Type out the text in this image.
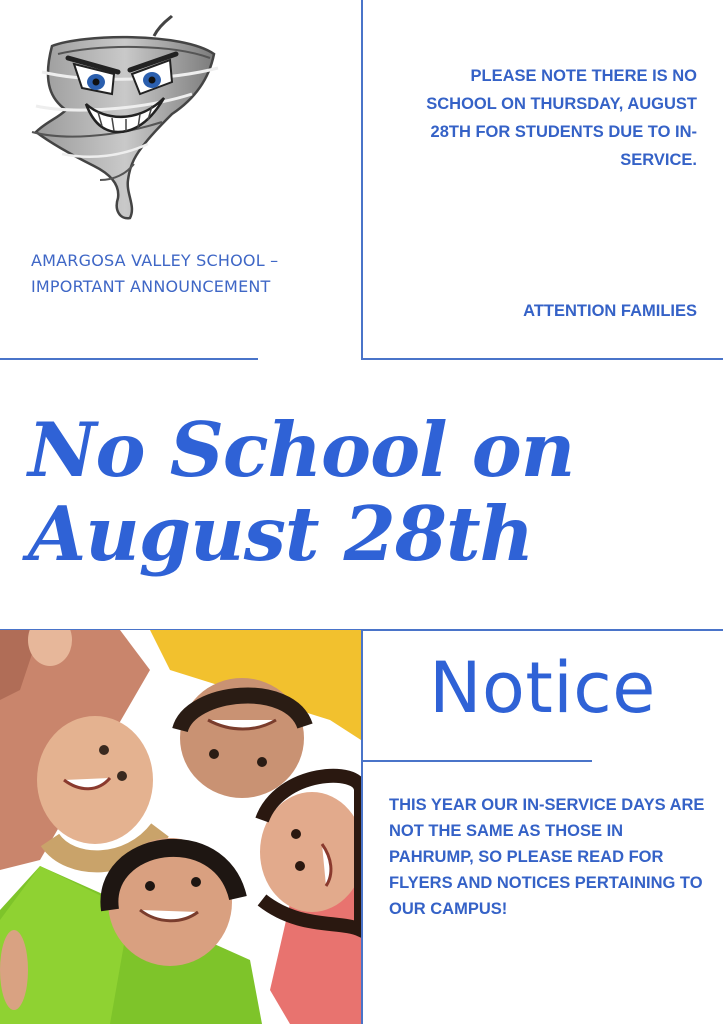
AMARGOSA VALLEY SCHOOL – IMPORTANT ANNOUNCEMENT
PLEASE NOTE THERE IS NO SCHOOL ON THURSDAY, AUGUST 28TH FOR STUDENTS DUE TO IN-SERVICE.
ATTENTION FAMILIES
No School on
August 28th
Notice
THIS YEAR OUR IN-SERVICE DAYS ARE NOT THE SAME AS THOSE IN PAHRUMP, SO PLEASE READ FOR FLYERS AND NOTICES PERTAINING TO OUR CAMPUS!
